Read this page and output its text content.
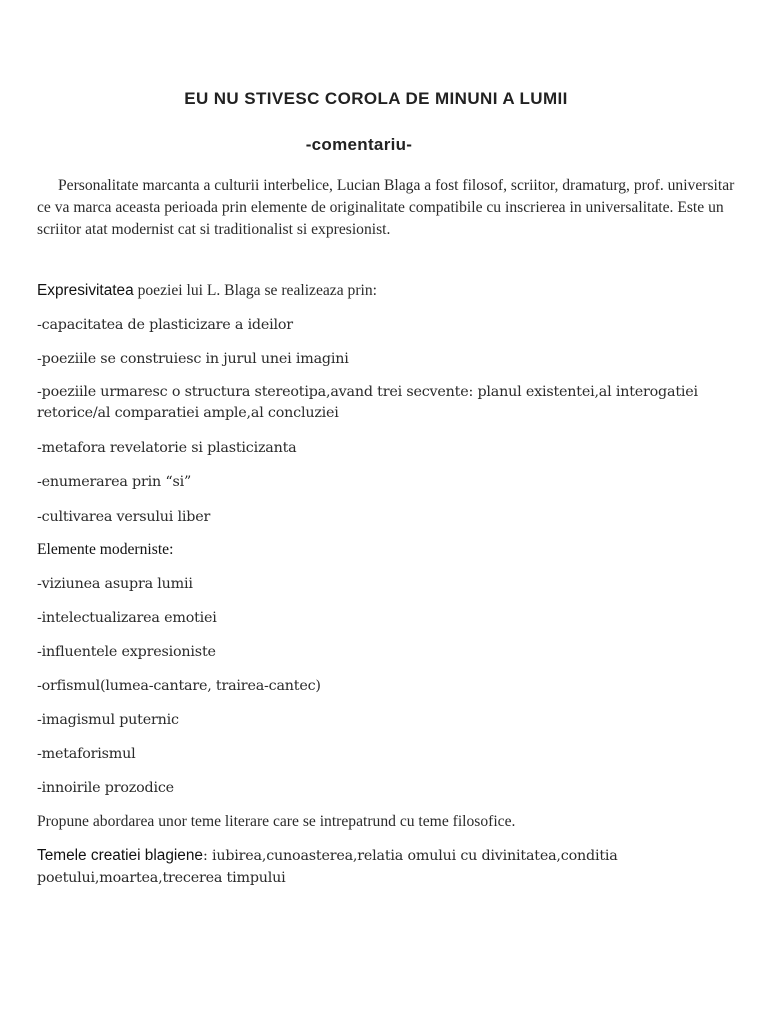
EU NU STIVESC COROLA DE MINUNI A LUMII
-comentariu-

Personalitate marcanta a culturii interbelice, Lucian Blaga a fost filosof, scriitor, dramaturg, prof. universitar ce va marca aceasta perioada prin elemente de originalitate compatibile cu inscrierea in universalitate. Este un scriitor atat modernist cat si traditionalist si expresionist.

Expresivitatea poeziei lui L. Blaga se realizeaza prin:

-capacitatea de plasticizare a ideilor

-poeziile se construiesc in jurul unei imagini

-poeziile urmaresc o structura stereotipa,avand trei secvente: planul existentei,al interogatiei retorice/al comparatiei ample,al concluziei

-metafora revelatorie si plasticizanta

-enumerarea prin “si”

-cultivarea versului liber

Elemente moderniste:

-viziunea asupra lumii

-intelectualizarea emotiei

-influentele expresioniste

-orfismul(lumea-cantare, trairea-cantec)

-imagismul puternic

-metaforismul

-innoirile prozodice

Propune abordarea unor teme literare care se intrepatrund cu teme filosofice.

Temele creatiei blagiene: iubirea,cunoasterea,relatia omului cu divinitatea,conditia poetului,moartea,trecerea timpului
